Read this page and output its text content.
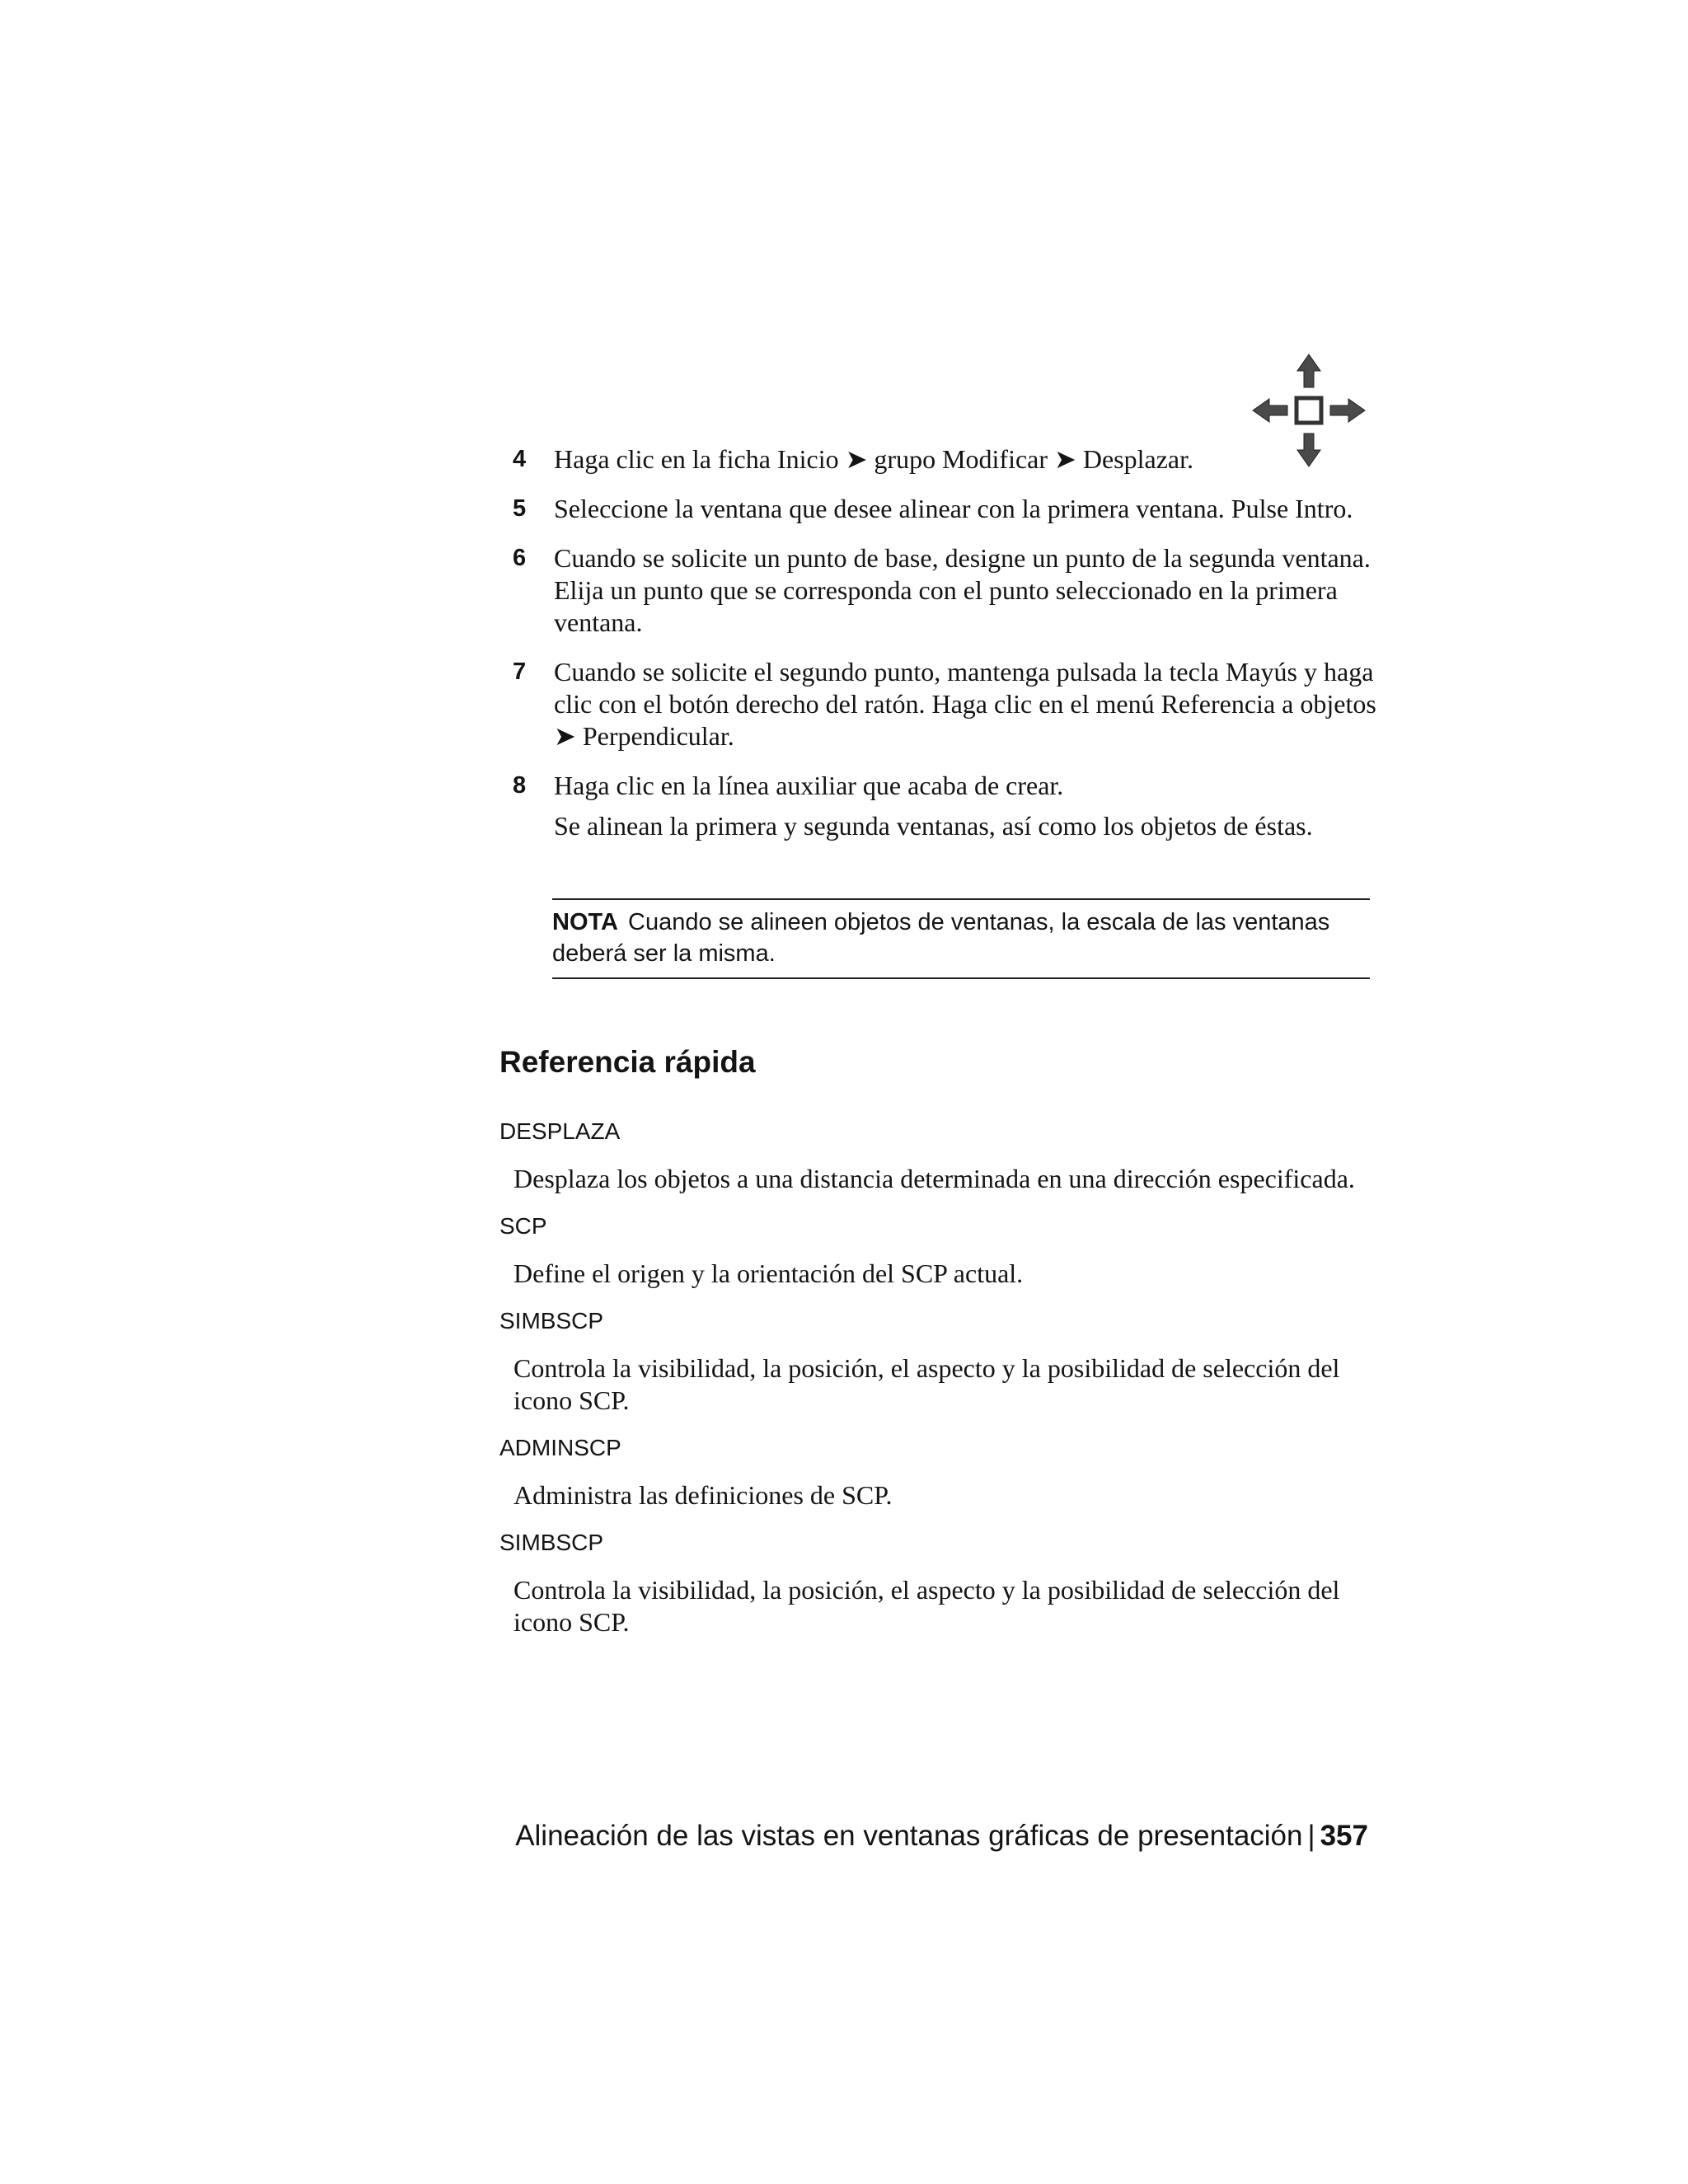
4 Haga clic en la ficha Inicio ➤ grupo Modificar ➤ Desplazar.
5 Seleccione la ventana que desee alinear con la primera ventana. Pulse Intro.
6 Cuando se solicite un punto de base, designe un punto de la segunda ventana. Elija un punto que se corresponda con el punto seleccionado en la primera ventana.
7 Cuando se solicite el segundo punto, mantenga pulsada la tecla Mayús y haga clic con el botón derecho del ratón. Haga clic en el menú Referencia a objetos ➤ Perpendicular.
8 Haga clic en la línea auxiliar que acaba de crear.
Se alinean la primera y segunda ventanas, así como los objetos de éstas.
NOTA Cuando se alineen objetos de ventanas, la escala de las ventanas deberá ser la misma.
Referencia rápida
DESPLAZA
Desplaza los objetos a una distancia determinada en una dirección especificada.
SCP
Define el origen y la orientación del SCP actual.
SIMBSCP
Controla la visibilidad, la posición, el aspecto y la posibilidad de selección del icono SCP.
ADMINSCP
Administra las definiciones de SCP.
SIMBSCP
Controla la visibilidad, la posición, el aspecto y la posibilidad de selección del icono SCP.
Alineación de las vistas en ventanas gráficas de presentación | 357
